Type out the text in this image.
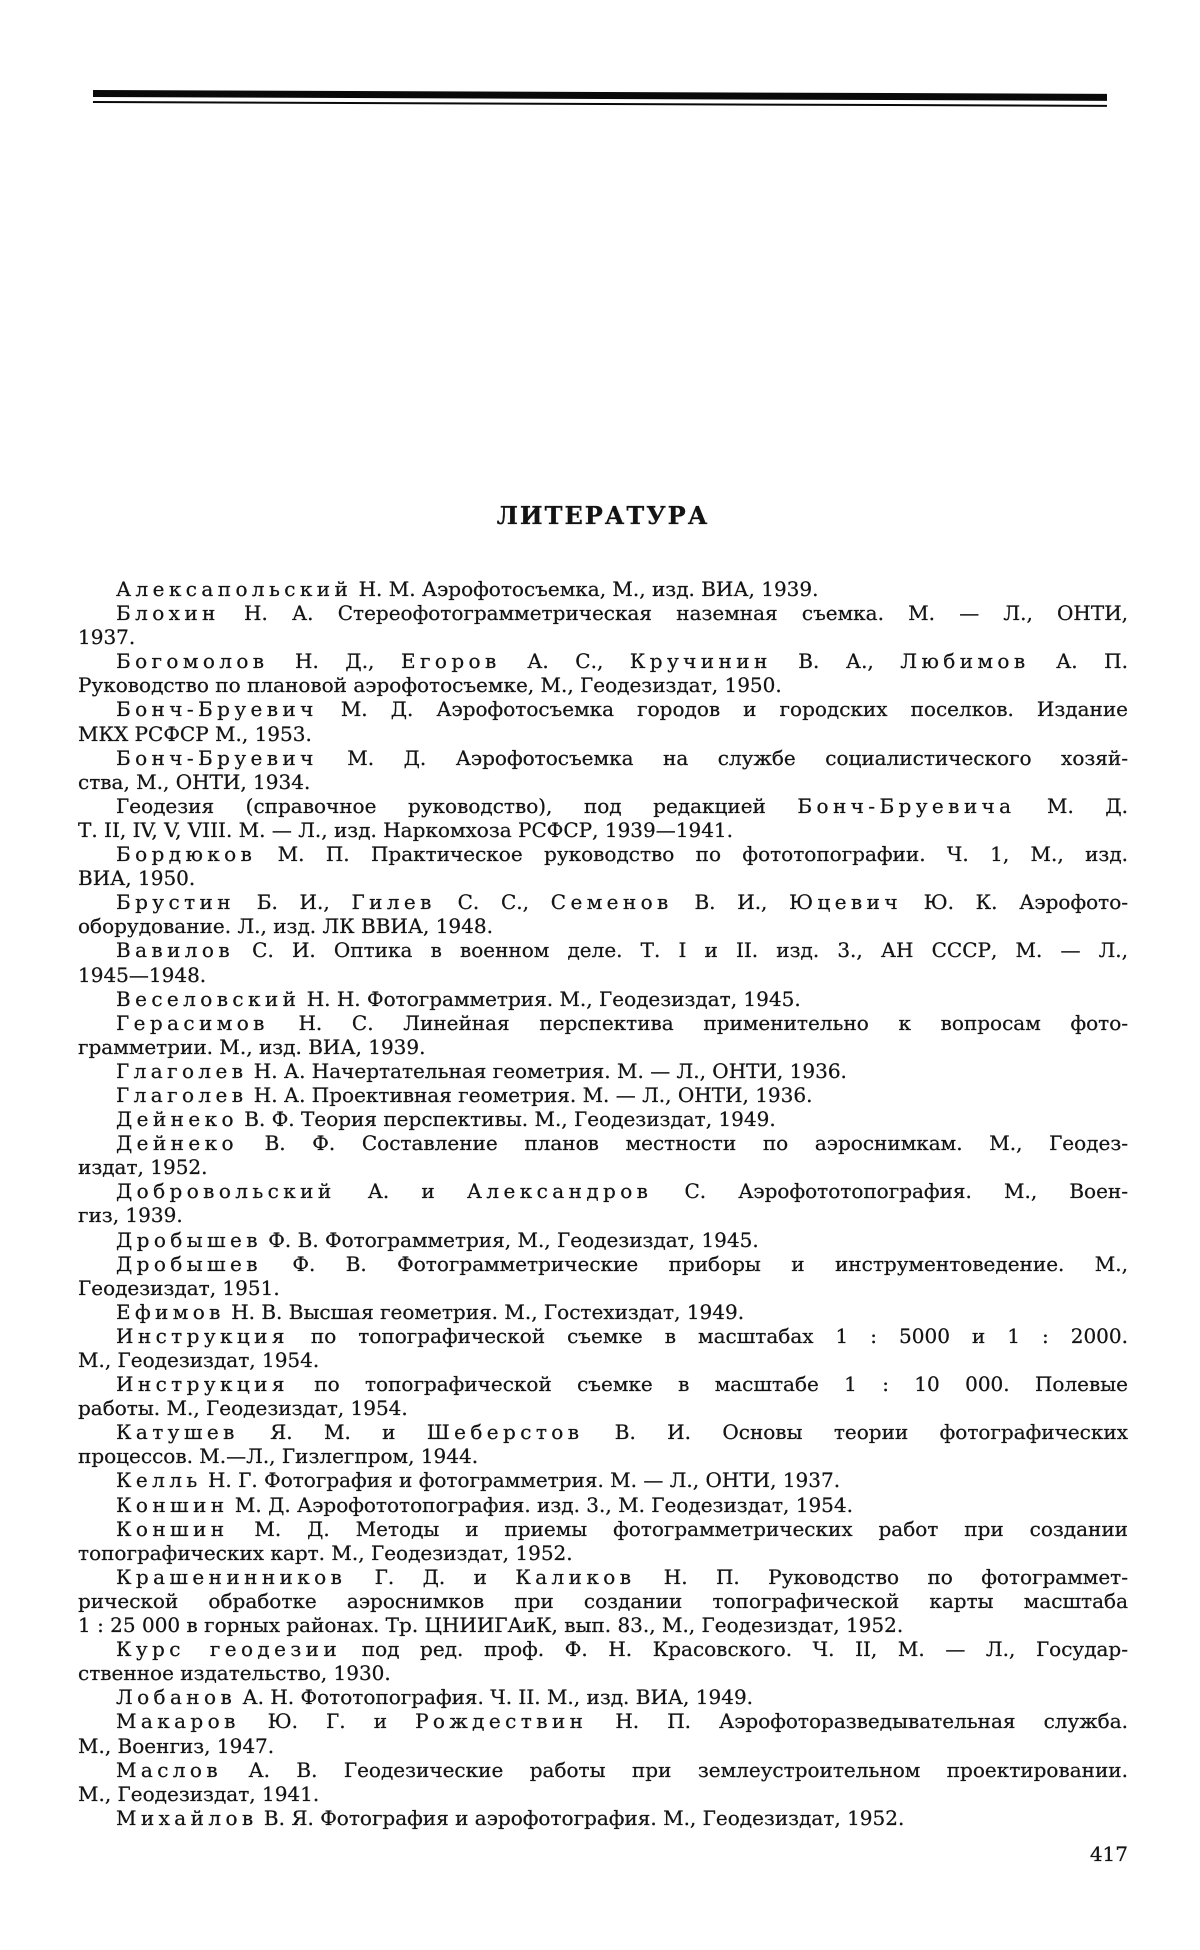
ЛИТЕРАТУРА
Алексапольский Н. М. Аэрофотосъемка, М., изд. ВИА, 1939.
Блохин Н. А. Стереофотограмметрическая наземная съемка. М. — Л., ОНТИ,
1937.
Богомолов Н. Д., Егоров А. С., Кручинин В. А., Любимов А. П.
Руководство по плановой аэрофотосъемке, М., Геодезиздат, 1950.
Бонч-Бруевич М. Д. Аэрофотосъемка городов и городских поселков. Издание
МКХ РСФСР М., 1953.
Бонч-Бруевич М. Д. Аэрофотосъемка на службе социалистического хозяй-
ства, М., ОНТИ, 1934.
Геодезия (справочное руководство), под редакцией Бонч-Бруевича М. Д.
Т. II, IV, V, VIII. М. — Л., изд. Наркомхоза РСФСР, 1939—1941.
Бордюков М. П. Практическое руководство по фототопографии. Ч. 1, М., изд.
ВИА, 1950.
Брустин Б. И., Гилев С. С., Семенов В. И., Юцевич Ю. К. Аэрофото-
оборудование. Л., изд. ЛК ВВИА, 1948.
Вавилов С. И. Оптика в военном деле. Т. I и II. изд. 3., АН СССР, М. — Л.,
1945—1948.
Веселовский Н. Н. Фотограмметрия. М., Геодезиздат, 1945.
Герасимов Н. С. Линейная перспектива применительно к вопросам фото-
грамметрии. М., изд. ВИА, 1939.
Глаголев Н. А. Начертательная геометрия. М. — Л., ОНТИ, 1936.
Глаголев Н. А. Проективная геометрия. М. — Л., ОНТИ, 1936.
Дейнеко В. Ф. Теория перспективы. М., Геодезиздат, 1949.
Дейнеко В. Ф. Составление планов местности по аэроснимкам. М., Геодез-
издат, 1952.
Добровольский А. и Александров С. Аэрофототопография. М., Воен-
гиз, 1939.
Дробышев Ф. В. Фотограмметрия, М., Геодезиздат, 1945.
Дробышев Ф. В. Фотограмметрические приборы и инструментоведение. М.,
Геодезиздат, 1951.
Ефимов Н. В. Высшая геометрия. М., Гостехиздат, 1949.
Инструкция по топографической съемке в масштабах 1 : 5000 и 1 : 2000.
М., Геодезиздат, 1954.
Инструкция по топографической съемке в масштабе 1 : 10 000. Полевые
работы. М., Геодезиздат, 1954.
Катушев Я. М. и Шеберстов В. И. Основы теории фотографических
процессов. М.—Л., Гизлегпром, 1944.
Келль Н. Г. Фотография и фотограмметрия. М. — Л., ОНТИ, 1937.
Коншин М. Д. Аэрофототопография. изд. 3., М. Геодезиздат, 1954.
Коншин М. Д. Методы и приемы фотограмметрических работ при создании
топографических карт. М., Геодезиздат, 1952.
Крашенинников Г. Д. и Каликов Н. П. Руководство по фотограммет-
рической обработке аэроснимков при создании топографической карты масштаба
1 : 25 000 в горных районах. Тр. ЦНИИГАиК, вып. 83., М., Геодезиздат, 1952.
Курс геодезии под ред. проф. Ф. Н. Красовского. Ч. II, М. — Л., Государ-
ственное издательство, 1930.
Лобанов А. Н. Фототопография. Ч. II. М., изд. ВИА, 1949.
Макаров Ю. Г. и Рождествин Н. П. Аэрофоторазведывательная служба.
М., Военгиз, 1947.
Маслов А. В. Геодезические работы при землеустроительном проектировании.
М., Геодезиздат, 1941.
Михайлов В. Я. Фотография и аэрофотография. М., Геодезиздат, 1952.
417
